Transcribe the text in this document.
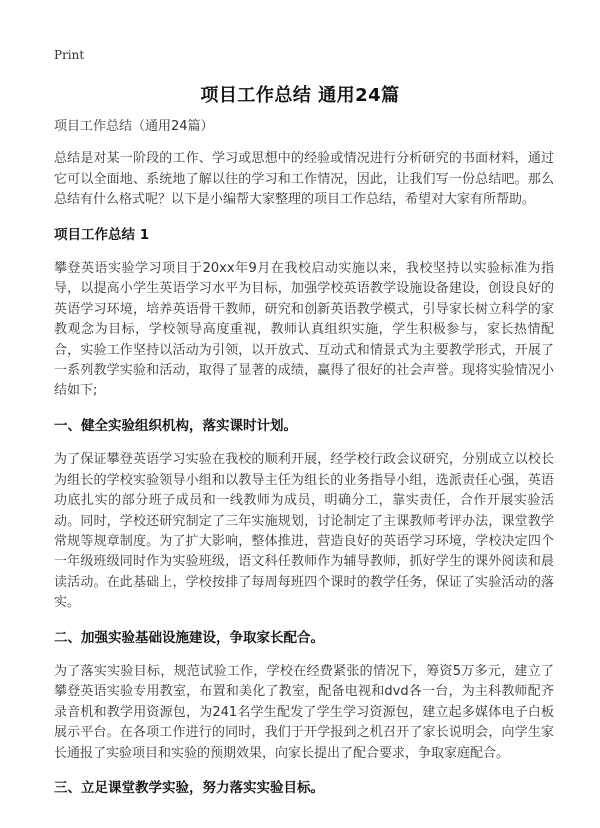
Print
项目工作总结 通用24篇

项目工作总结（通用24篇）

总结是对某一阶段的工作、学习或思想中的经验或情况进行分析研究的书面材料，通过它可以全面地、系统地了解以往的学习和工作情况，因此，让我们写一份总结吧。那么总结有什么格式呢？以下是小编帮大家整理的项目工作总结，希望对大家有所帮助。

项目工作总结 1

攀登英语实验学习项目于20xx年9月在我校启动实施以来，我校坚持以实验标准为指导，以提高小学生英语学习水平为目标，加强学校英语教学设施设备建设，创设良好的英语学习环境，培养英语骨干教师，研究和创新英语教学模式，引导家长树立科学的家教观念为目标，学校领导高度重视，教师认真组织实施，学生积极参与，家长热情配合，实验工作坚持以活动为引领，以开放式、互动式和情景式为主要教学形式，开展了一系列教学实验和活动，取得了显著的成绩，赢得了很好的社会声誉。现将实验情况小结如下;

一、健全实验组织机构，落实课时计划。

为了保证攀登英语学习实验在我校的顺利开展，经学校行政会议研究，分别成立以校长为组长的学校实验领导小组和以教导主任为组长的业务指导小组，选派责任心强，英语功底扎实的部分班子成员和一线教师为成员，明确分工，靠实责任，合作开展实验活动。同时，学校还研究制定了三年实施规划，讨论制定了主课教师考评办法，课堂教学常规等规章制度。为了扩大影响，整体推进，营造良好的英语学习环境，学校决定四个一年级班级同时作为实验班级，语文科任教师作为辅导教师，抓好学生的课外阅读和晨读活动。在此基础上，学校按排了每周每班四个课时的教学任务，保证了实验活动的落实。

二、加强实验基础设施建设，争取家长配合。

为了落实实验目标，规范试验工作，学校在经费紧张的情况下，筹资5万多元，建立了攀登英语实验专用教室，布置和美化了教室，配备电视和dvd各一台，为主科教师配齐录音机和教学用资源包，为241名学生配发了学生学习资源包，建立起多媒体电子白板展示平台。在各项工作进行的同时，我们于开学报到之机召开了家长说明会，向学生家长通报了实验项目和实验的预期效果，向家长提出了配合要求，争取家庭配合。

三、立足课堂教学实验，努力落实实验目标。
